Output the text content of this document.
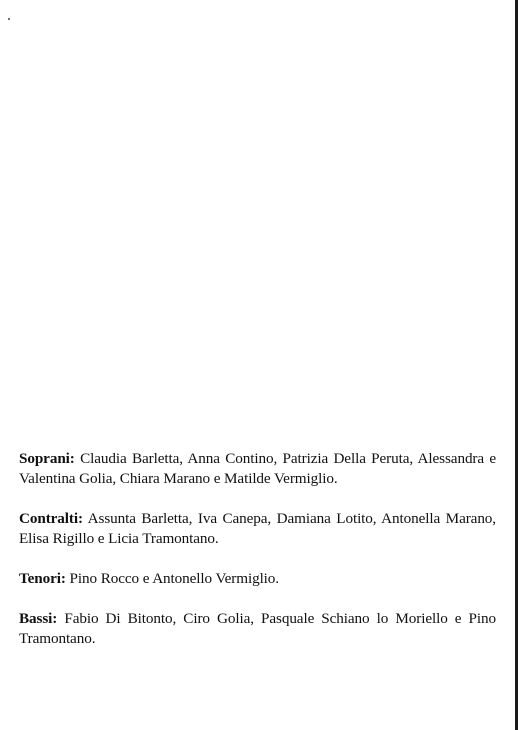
Soprani: Claudia Barletta, Anna Contino, Patrizia Della Peruta, Alessandra e Valentina Golia, Chiara Marano e Matilde Vermiglio.

Contralti: Assunta Barletta, Iva Canepa, Damiana Lotito, Antonella Marano, Elisa Rigillo e Licia Tramontano.

Tenori: Pino Rocco e Antonello Vermiglio.

Bassi: Fabio Di Bitonto, Ciro Golia, Pasquale Schiano lo Moriello e Pino Tramontano.
